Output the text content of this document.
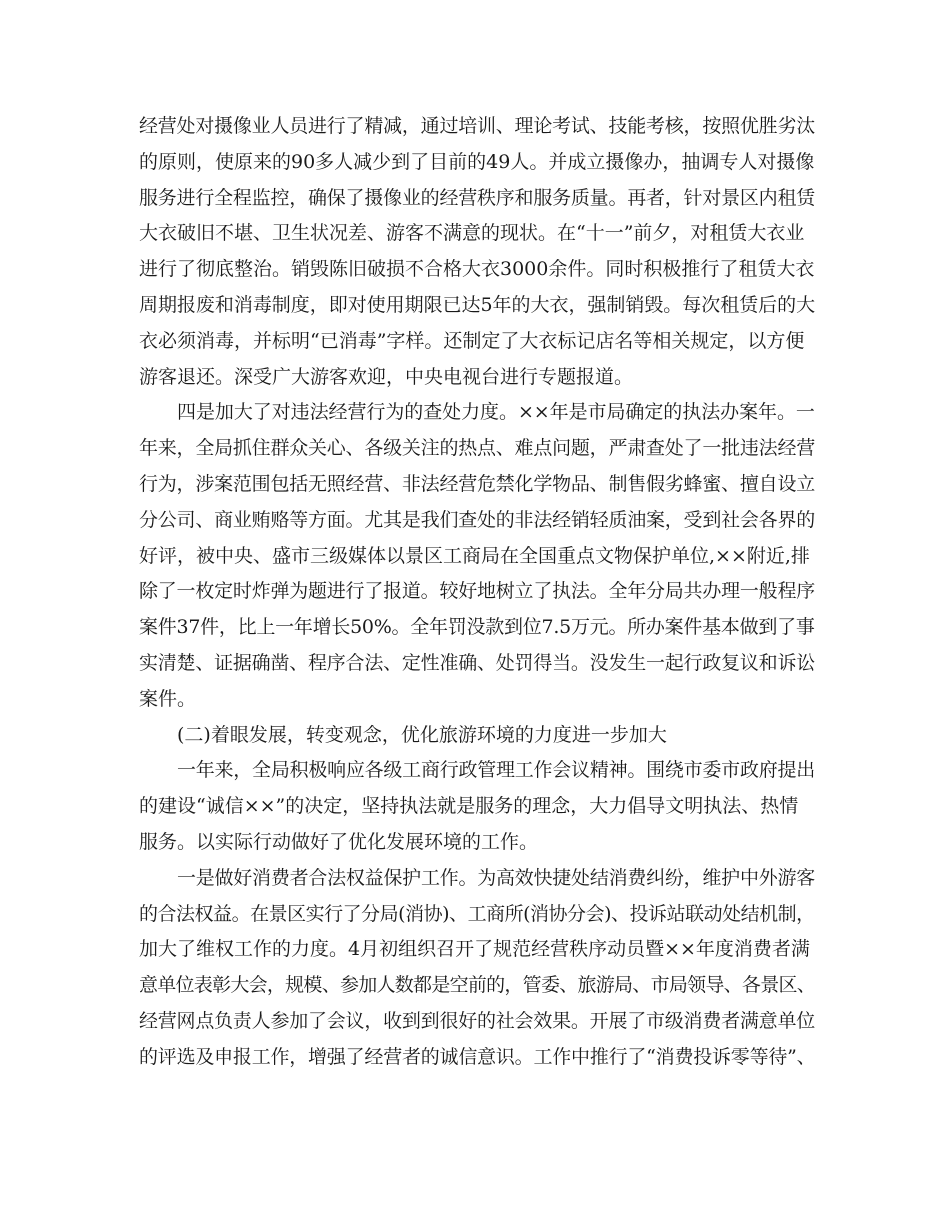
经营处对摄像业人员进行了精减，通过培训、理论考试、技能考核，按照优胜劣汰
的原则，使原来的90多人减少到了目前的49人。并成立摄像办，抽调专人对摄像
服务进行全程监控，确保了摄像业的经营秩序和服务质量。再者，针对景区内租赁
大衣破旧不堪、卫生状况差、游客不满意的现状。在“十一”前夕，对租赁大衣业
进行了彻底整治。销毁陈旧破损不合格大衣3000余件。同时积极推行了租赁大衣
周期报废和消毒制度，即对使用期限已达5年的大衣，强制销毁。每次租赁后的大
衣必须消毒，并标明“已消毒”字样。还制定了大衣标记店名等相关规定，以方便
游客退还。深受广大游客欢迎，中央电视台进行专题报道。
四是加大了对违法经营行为的查处力度。××年是市局确定的执法办案年。一
年来，全局抓住群众关心、各级关注的热点、难点问题，严肃查处了一批违法经营
行为，涉案范围包括无照经营、非法经营危禁化学物品、制售假劣蜂蜜、擅自设立
分公司、商业贿赂等方面。尤其是我们查处的非法经销轻质油案，受到社会各界的
好评，被中央、盛市三级媒体以景区工商局在全国重点文物保护单位,××附近,排
除了一枚定时炸弹为题进行了报道。较好地树立了执法。全年分局共办理一般程序
案件37件，比上一年增长50%。全年罚没款到位7.5万元。所办案件基本做到了事
实清楚、证据确凿、程序合法、定性准确、处罚得当。没发生一起行政复议和诉讼
案件。
(二)着眼发展，转变观念，优化旅游环境的力度进一步加大
一年来，全局积极响应各级工商行政管理工作会议精神。围绕市委市政府提出
的建设“诚信××”的决定，坚持执法就是服务的理念，大力倡导文明执法、热情
服务。以实际行动做好了优化发展环境的工作。
一是做好消费者合法权益保护工作。为高效快捷处结消费纠纷，维护中外游客
的合法权益。在景区实行了分局(消协)、工商所(消协分会)、投诉站联动处结机制，
加大了维权工作的力度。4月初组织召开了规范经营秩序动员暨××年度消费者满
意单位表彰大会，规模、参加人数都是空前的，管委、旅游局、市局领导、各景区、
经营网点负责人参加了会议，收到到很好的社会效果。开展了市级消费者满意单位
的评选及申报工作，增强了经营者的诚信意识。工作中推行了“消费投诉零等待”、
